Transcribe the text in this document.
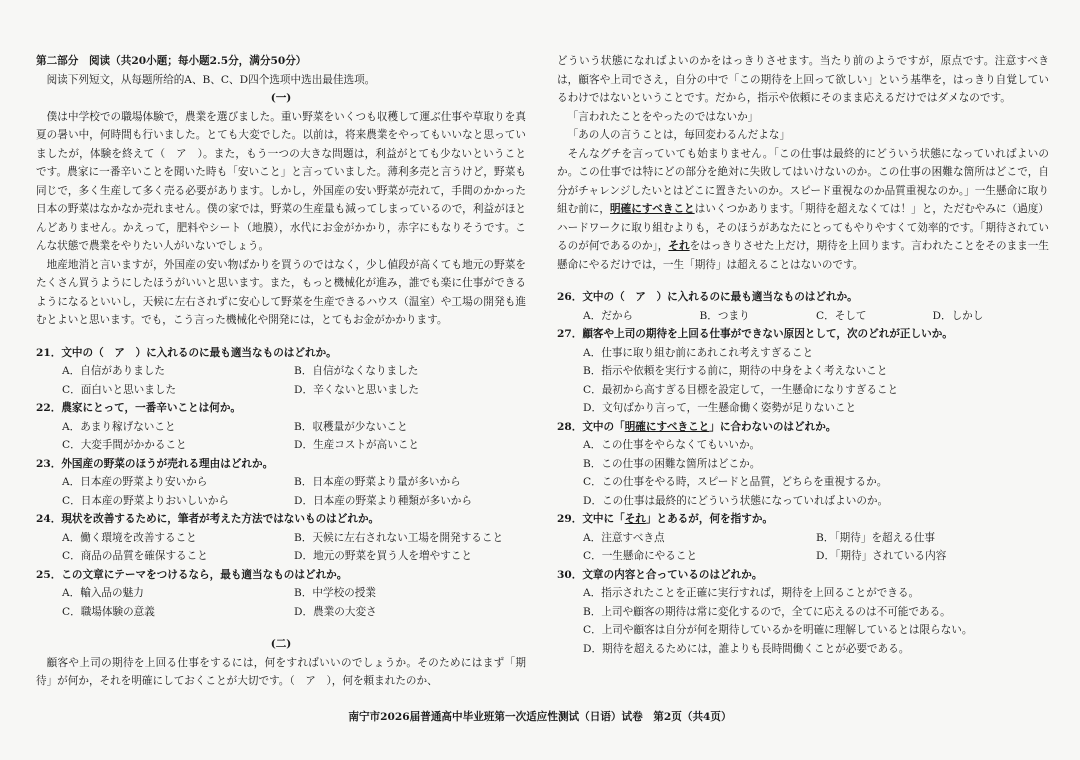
第二部分　阅读（共20小题；每小题2.5分，满分50分）

阅读下列短文，从每题所给的A、B、C、D四个选项中选出最佳选项。

(一)

僕は中学校での職場体験で，農業を選びました。重い野菜をいくつも収穫して運ぶ仕事や草取りを真夏の暑い中，何時間も行いました。とても大変でした。以前は，将来農業をやってもいいなと思っていましたが，体験を終えて（　ア　）。また，もう一つの大きな問題は，利益がとても少ないということです。農家に一番辛いことを聞いた時も「安いこと」と言っていました。薄利多売と言うけど，野菜も同じで，多く生産して多く売る必要があります。しかし，外国産の安い野菜が売れて，手間のかかった日本の野菜はなかなか売れません。僕の家では，野菜の生産量も減ってしまっているので，利益がほとんどありません。かえって，肥料やシート（地膜），水代にお金がかかり，赤字にもなりそうです。こんな状態で農業をやりたい人がいないでしょう。

地産地消と言いますが，外国産の安い物ばかりを買うのではなく，少し値段が高くても地元の野菜をたくさん買うようにしたほうがいいと思います。また，もっと機械化が進み，誰でも楽に仕事ができるようになるといいし，天候に左右されずに安心して野菜を生産できるハウス（温室）や工場の開発も進むとよいと思います。でも，こう言った機械化や開発には，とてもお金がかかります。

21．文中の（　ア　）に入れるのに最も適当なものはどれか。

A．自信がありました	B．自信がなくなりました
C．面白いと思いました	D．辛くないと思いました

22．農家にとって，一番辛いことは何か。

A．あまり稼げないこと	B．収穫量が少ないこと
C．大変手間がかかること	D．生産コストが高いこと

23．外国産の野菜のほうが売れる理由はどれか。

A．日本産の野菜より安いから	B．日本産の野菜より量が多いから
C．日本産の野菜よりおいしいから	D．日本産の野菜より種類が多いから

24．現状を改善するために，筆者が考えた方法ではないものはどれか。

A．働く環境を改善すること	B．天候に左右されない工場を開発すること
C．商品の品質を確保すること	D．地元の野菜を買う人を増やすこと

25．この文章にテーマをつけるなら，最も適当なものはどれか。

A．輸入品の魅力	B．中学校の授業
C．職場体験の意義	D．農業の大変さ

(二)

顧客や上司の期待を上回る仕事をするには，何をすればいいのでしょうか。そのためにはまず「期待」が何か，それを明確にしておくことが大切です。（　ア　），何を頼まれたのか、

どういう状態になればよいのかをはっきりさせます。当たり前のようですが，原点です。注意すべきは，顧客や上司でさえ，自分の中で「この期待を上回って欲しい」という基準を，はっきり自覚しているわけではないということです。だから，指示や依頼にそのまま応えるだけではダメなのです。

「言われたことをやったのではないか」

「あの人の言うことは，毎回変わるんだよな」

そんなグチを言っていても始まりません。「この仕事は最終的にどういう状態になっていればよいのか。この仕事では特にどの部分を絶対に失敗してはいけないのか。この仕事の困難な箇所はどこで，自分がチャレンジしたいとはどこに置きたいのか。スピード重視なのか品質重視なのか。」一生懸命に取り組む前に，明確にすべきことはいくつかあります。「期待を超えなくては！」と，ただむやみに（過度）ハードワークに取り組むよりも，そのほうがあなたにとってもやりやすくて効率的です。「期待されているのが何であるのか」，それをはっきりさせた上だけ，期待を上回ります。言われたことをそのまま一生懸命にやるだけでは，一生「期待」は超えることはないのです。

26．文中の（　ア　）に入れるのに最も適当なものはどれか。

A．だから	B．つまり	C．そして	D．しかし

27．顧客や上司の期待を上回る仕事ができない原因として，次のどれが正しいか。

A．仕事に取り組む前にあれこれ考えすぎること
B．指示や依頼を実行する前に，期待の中身をよく考えないこと
C．最初から高すぎる目標を設定して，一生懸命になりすぎること
D．文句ばかり言って，一生懸命働く姿勢が足りないこと

28．文中の「明確にすべきこと」に合わないのはどれか。

A．この仕事をやらなくてもいいか。
B．この仕事の困難な箇所はどこか。
C．この仕事をやる時，スピードと品質，どちらを重視するか。
D．この仕事は最終的にどういう状態になっていればよいのか。

29．文中に「それ」とあるが，何を指すか。

A．注意すべき点	B．「期待」を超える仕事
C．一生懸命にやること	D．「期待」されている内容

30．文章の内容と合っているのはどれか。

A．指示されたことを正確に実行すれば，期待を上回ることができる。
B．上司や顧客の期待は常に変化するので，全てに応えるのは不可能である。
C．上司や顧客は自分が何を期待しているかを明確に理解しているとは限らない。
D．期待を超えるためには，誰よりも長時間働くことが必要である。
南宁市2026届普通高中毕业班第一次适应性测试（日语）试卷　第2页（共4页）
